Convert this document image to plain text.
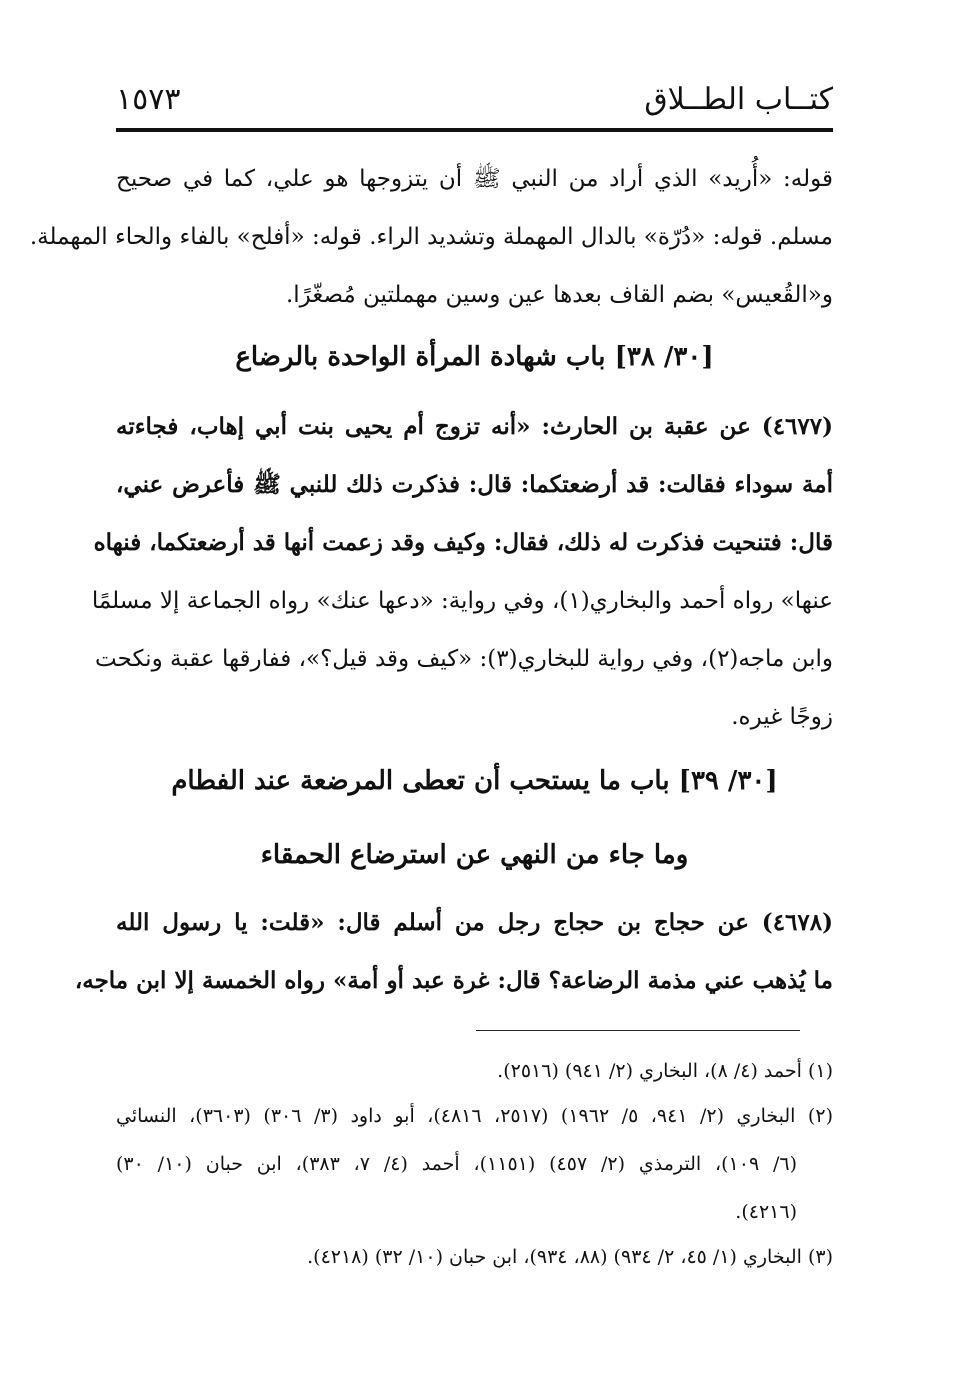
كتــاب الطــلاق
١٥٧٣
قوله: «أُريد» الذي أراد من النبي ﷺ أن يتزوجها هو علي، كما في صحيح
مسلم. قوله: «دُرّة» بالدال المهملة وتشديد الراء. قوله: «أفلح» بالفاء والحاء المهملة.
و«القُعيس» بضم القاف بعدها عين وسين مهملتين مُصغّرًا.
[٣٠/ ٣٨] باب شهادة المرأة الواحدة بالرضاع
(٤٦٧٧) عن عقبة بن الحارث: «أنه تزوج أم يحيى بنت أبي إهاب، فجاءته
أمة سوداء فقالت: قد أرضعتكما: قال: فذكرت ذلك للنبي ﷺ فأعرض عني،
قال: فتنحيت فذكرت له ذلك، فقال: وكيف وقد زعمت أنها قد أرضعتكما، فنهاه
عنها» رواه أحمد والبخاري(١)، وفي رواية: «دعها عنك» رواه الجماعة إلا مسلمًا
وابن ماجه(٢)، وفي رواية للبخاري(٣): «كيف وقد قيل؟»، ففارقها عقبة ونكحت
زوجًا غيره.
[٣٠/ ٣٩] باب ما يستحب أن تعطى المرضعة عند الفطام
وما جاء من النهي عن استرضاع الحمقاء
(٤٦٧٨) عن حجاج بن حجاج رجل من أسلم قال: «قلت: يا رسول الله
ما يُذهب عني مذمة الرضاعة؟ قال: غرة عبد أو أمة» رواه الخمسة إلا ابن ماجه،
(١) أحمد (٤/ ٨)، البخاري (٢/ ٩٤١) (٢٥١٦).
(٢) البخاري (٢/ ٩٤١، ٥/ ١٩٦٢) (٢٥١٧، ٤٨١٦)، أبو داود (٣/ ٣٠٦) (٣٦٠٣)، النسائي
(٦/ ١٠٩)، الترمذي (٢/ ٤٥٧) (١١٥١)، أحمد (٤/ ٧، ٣٨٣)، ابن حبان (١٠/ ٣٠)
(٤٢١٦).
(٣) البخاري (١/ ٤٥، ٢/ ٩٣٤) (٨٨، ٩٣٤)، ابن حبان (١٠/ ٣٢) (٤٢١٨).
